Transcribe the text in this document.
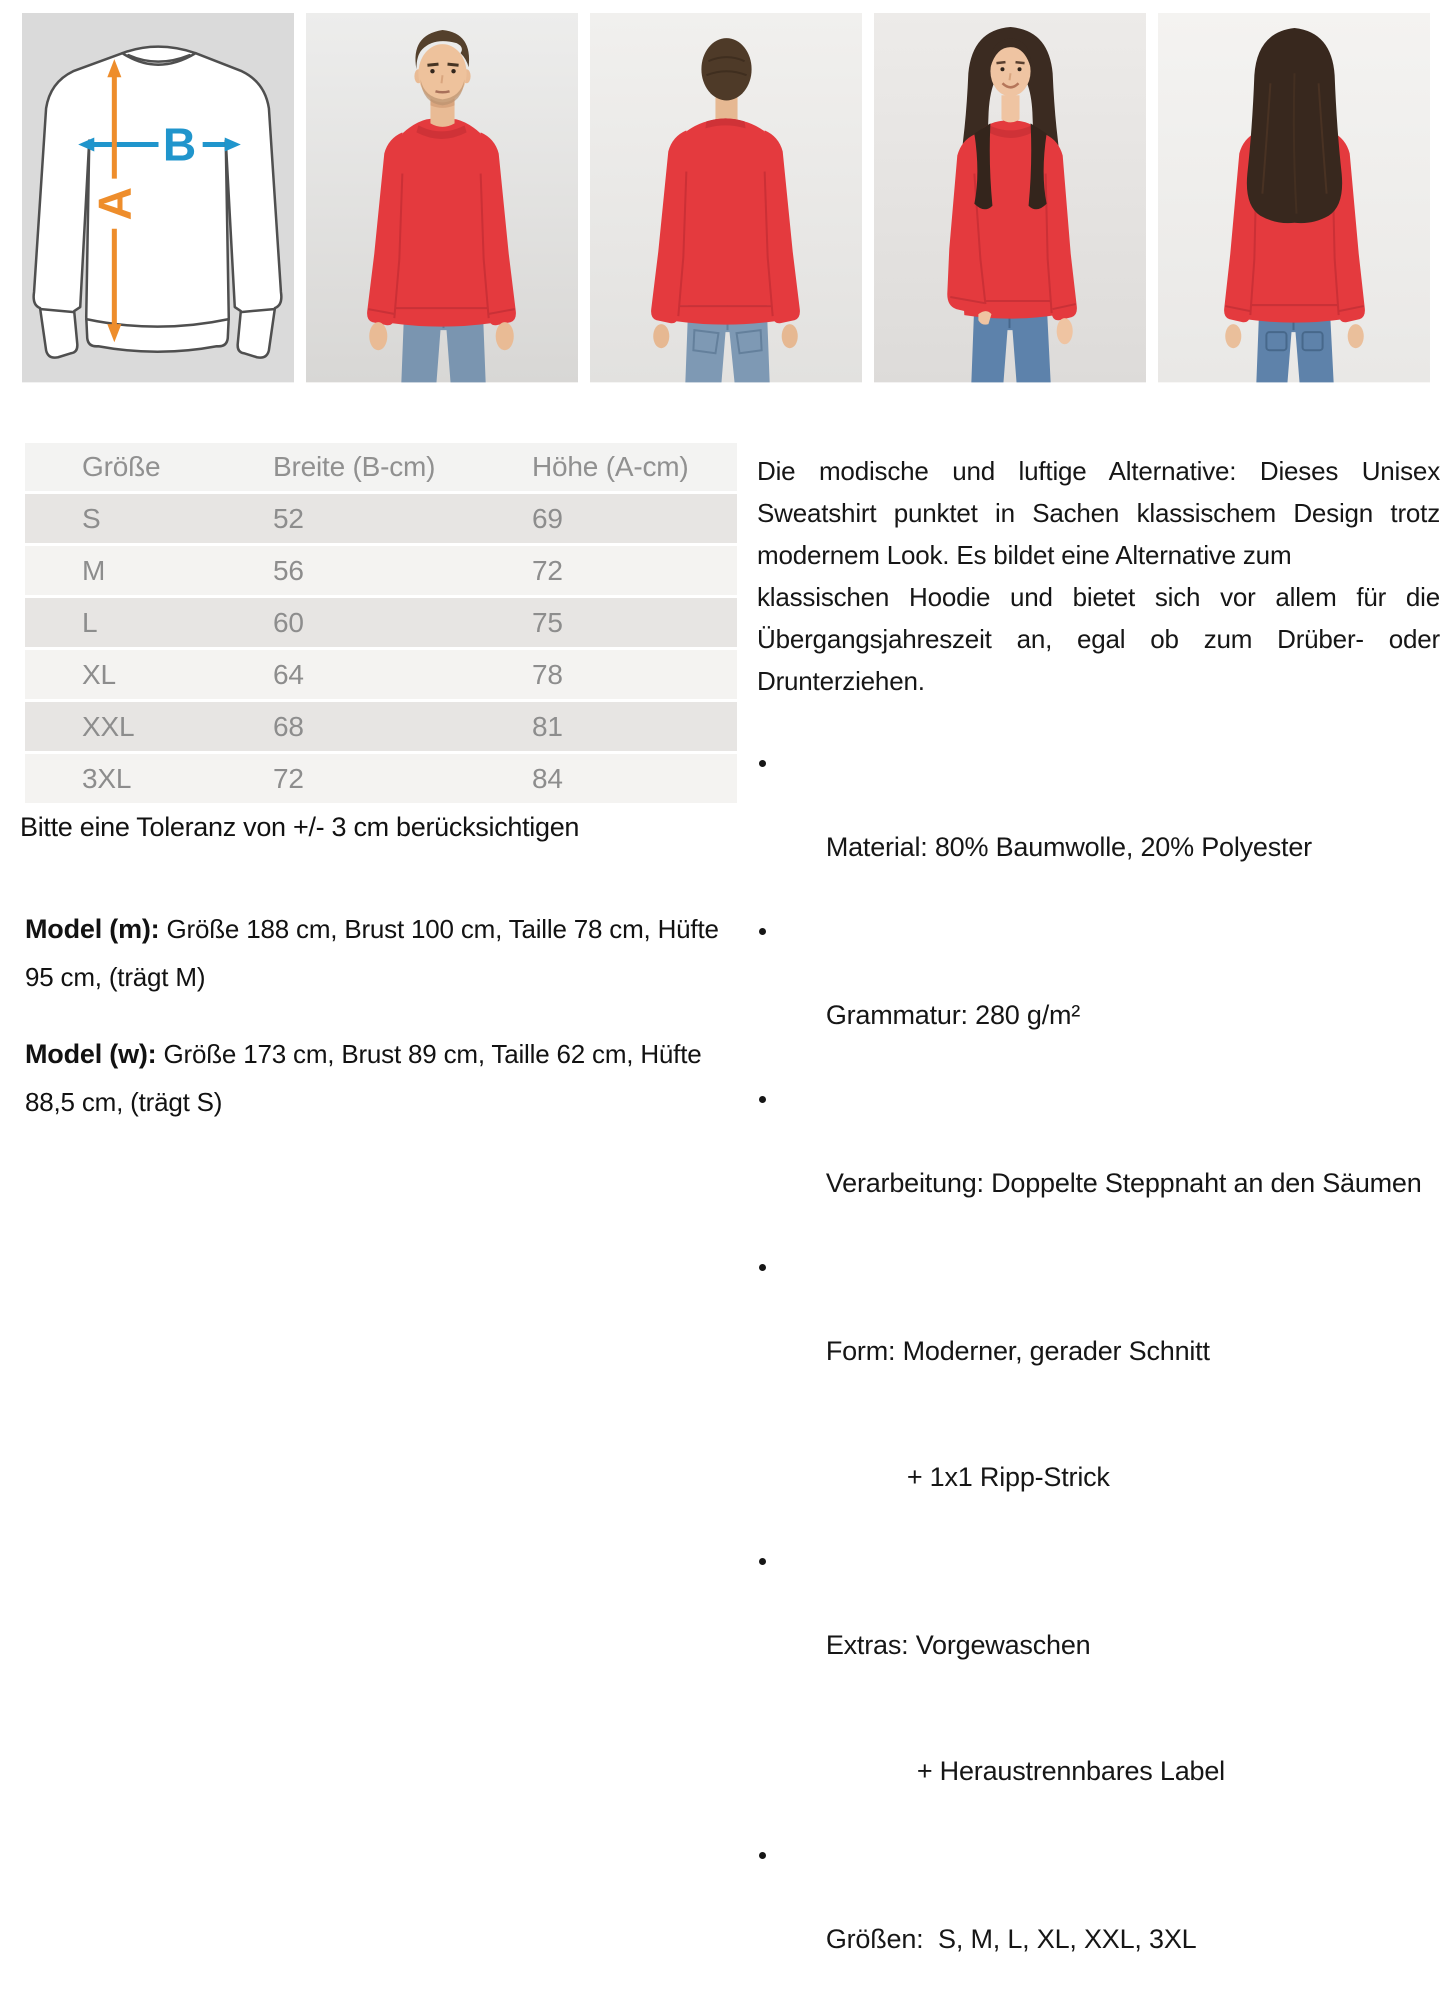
B
A
Größe	Breite (B-cm)	Höhe (A-cm)
S	52	69
M	56	72
L	60	75
XL	64	78
XXL	68	81
3XL	72	84
Bitte eine Toleranz von +/- 3 cm berücksichtigen
Model (m): Größe 188 cm, Brust 100 cm, Taille 78 cm, Hüfte 95 cm, (trägt M)
Model (w): Größe 173 cm, Brust 89 cm, Taille 62 cm, Hüfte 88,5 cm, (trägt S)
Die modische und luftige Alternative: Dieses Unisex
Sweatshirt punktet in Sachen klassischem Design trotz
modernem Look. Es bildet eine Alternative zum
klassischen Hoodie und bietet sich vor allem für die
Übergangsjahreszeit an, egal ob zum Drüber- oder
Drunterziehen.

Material: 80% Baumwolle, 20% Polyester

Grammatur: 280 g/m²

Verarbeitung: Doppelte Steppnaht an den Säumen

Form: Moderner, gerader Schnitt

+ 1x1 Ripp-Strick

Extras: Vorgewaschen

+ Heraustrennbares Label

Größen:  S, M, L, XL, XXL, 3XL
